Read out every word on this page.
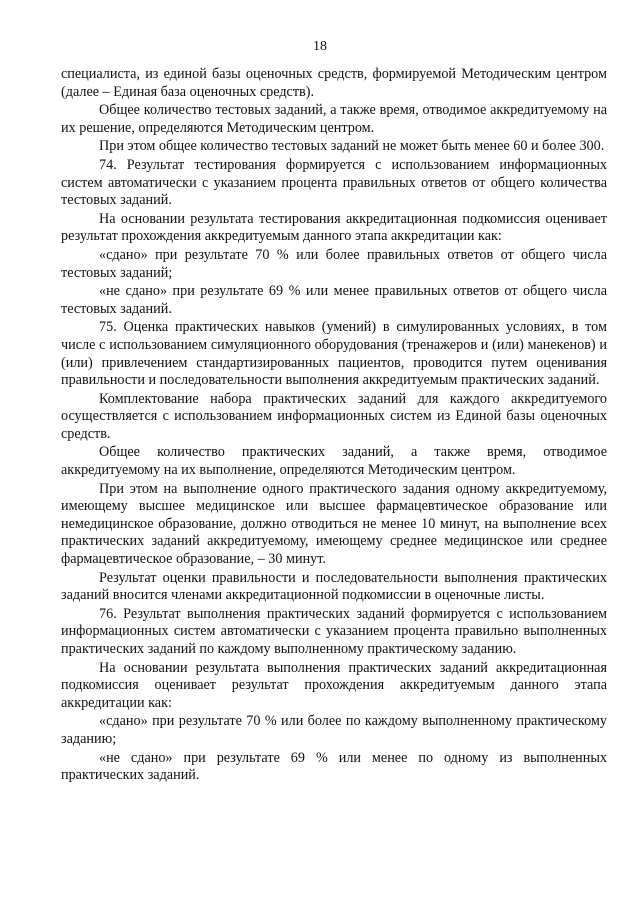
18

специалиста, из единой базы оценочных средств, формируемой Методическим центром (далее – Единая база оценочных средств).

Общее количество тестовых заданий, а также время, отводимое аккредитуемому на их решение, определяются Методическим центром.

При этом общее количество тестовых заданий не может быть менее 60 и более 300.

74. Результат тестирования формируется с использованием информационных систем автоматически с указанием процента правильных ответов от общего количества тестовых заданий.

На основании результата тестирования аккредитационная подкомиссия оценивает результат прохождения аккредитуемым данного этапа аккредитации как:

«сдано» при результате 70 % или более правильных ответов от общего числа тестовых заданий;

«не сдано» при результате 69 % или менее правильных ответов от общего числа тестовых заданий.

75. Оценка практических навыков (умений) в симулированных условиях, в том числе с использованием симуляционного оборудования (тренажеров и (или) манекенов) и (или) привлечением стандартизированных пациентов, проводится путем оценивания правильности и последовательности выполнения аккредитуемым практических заданий.

Комплектование набора практических заданий для каждого аккредитуемого осуществляется с использованием информационных систем из Единой базы оценочных средств.

Общее количество практических заданий, а также время, отводимое аккредитуемому на их выполнение, определяются Методическим центром.

При этом на выполнение одного практического задания одному аккредитуемому, имеющему высшее медицинское или высшее фармацевтическое образование или немедицинское образование, должно отводиться не менее 10 минут, на выполнение всех практических заданий аккредитуемому, имеющему среднее медицинское или среднее фармацевтическое образование, – 30 минут.

Результат оценки правильности и последовательности выполнения практических заданий вносится членами аккредитационной подкомиссии в оценочные листы.

76. Результат выполнения практических заданий формируется с использованием информационных систем автоматически с указанием процента правильно выполненных практических заданий по каждому выполненному практическому заданию.

На основании результата выполнения практических заданий аккредитационная подкомиссия оценивает результат прохождения аккредитуемым данного этапа аккредитации как:

«сдано» при результате 70 % или более по каждому выполненному практическому заданию;

«не сдано» при результате 69 % или менее по одному из выполненных практических заданий.
